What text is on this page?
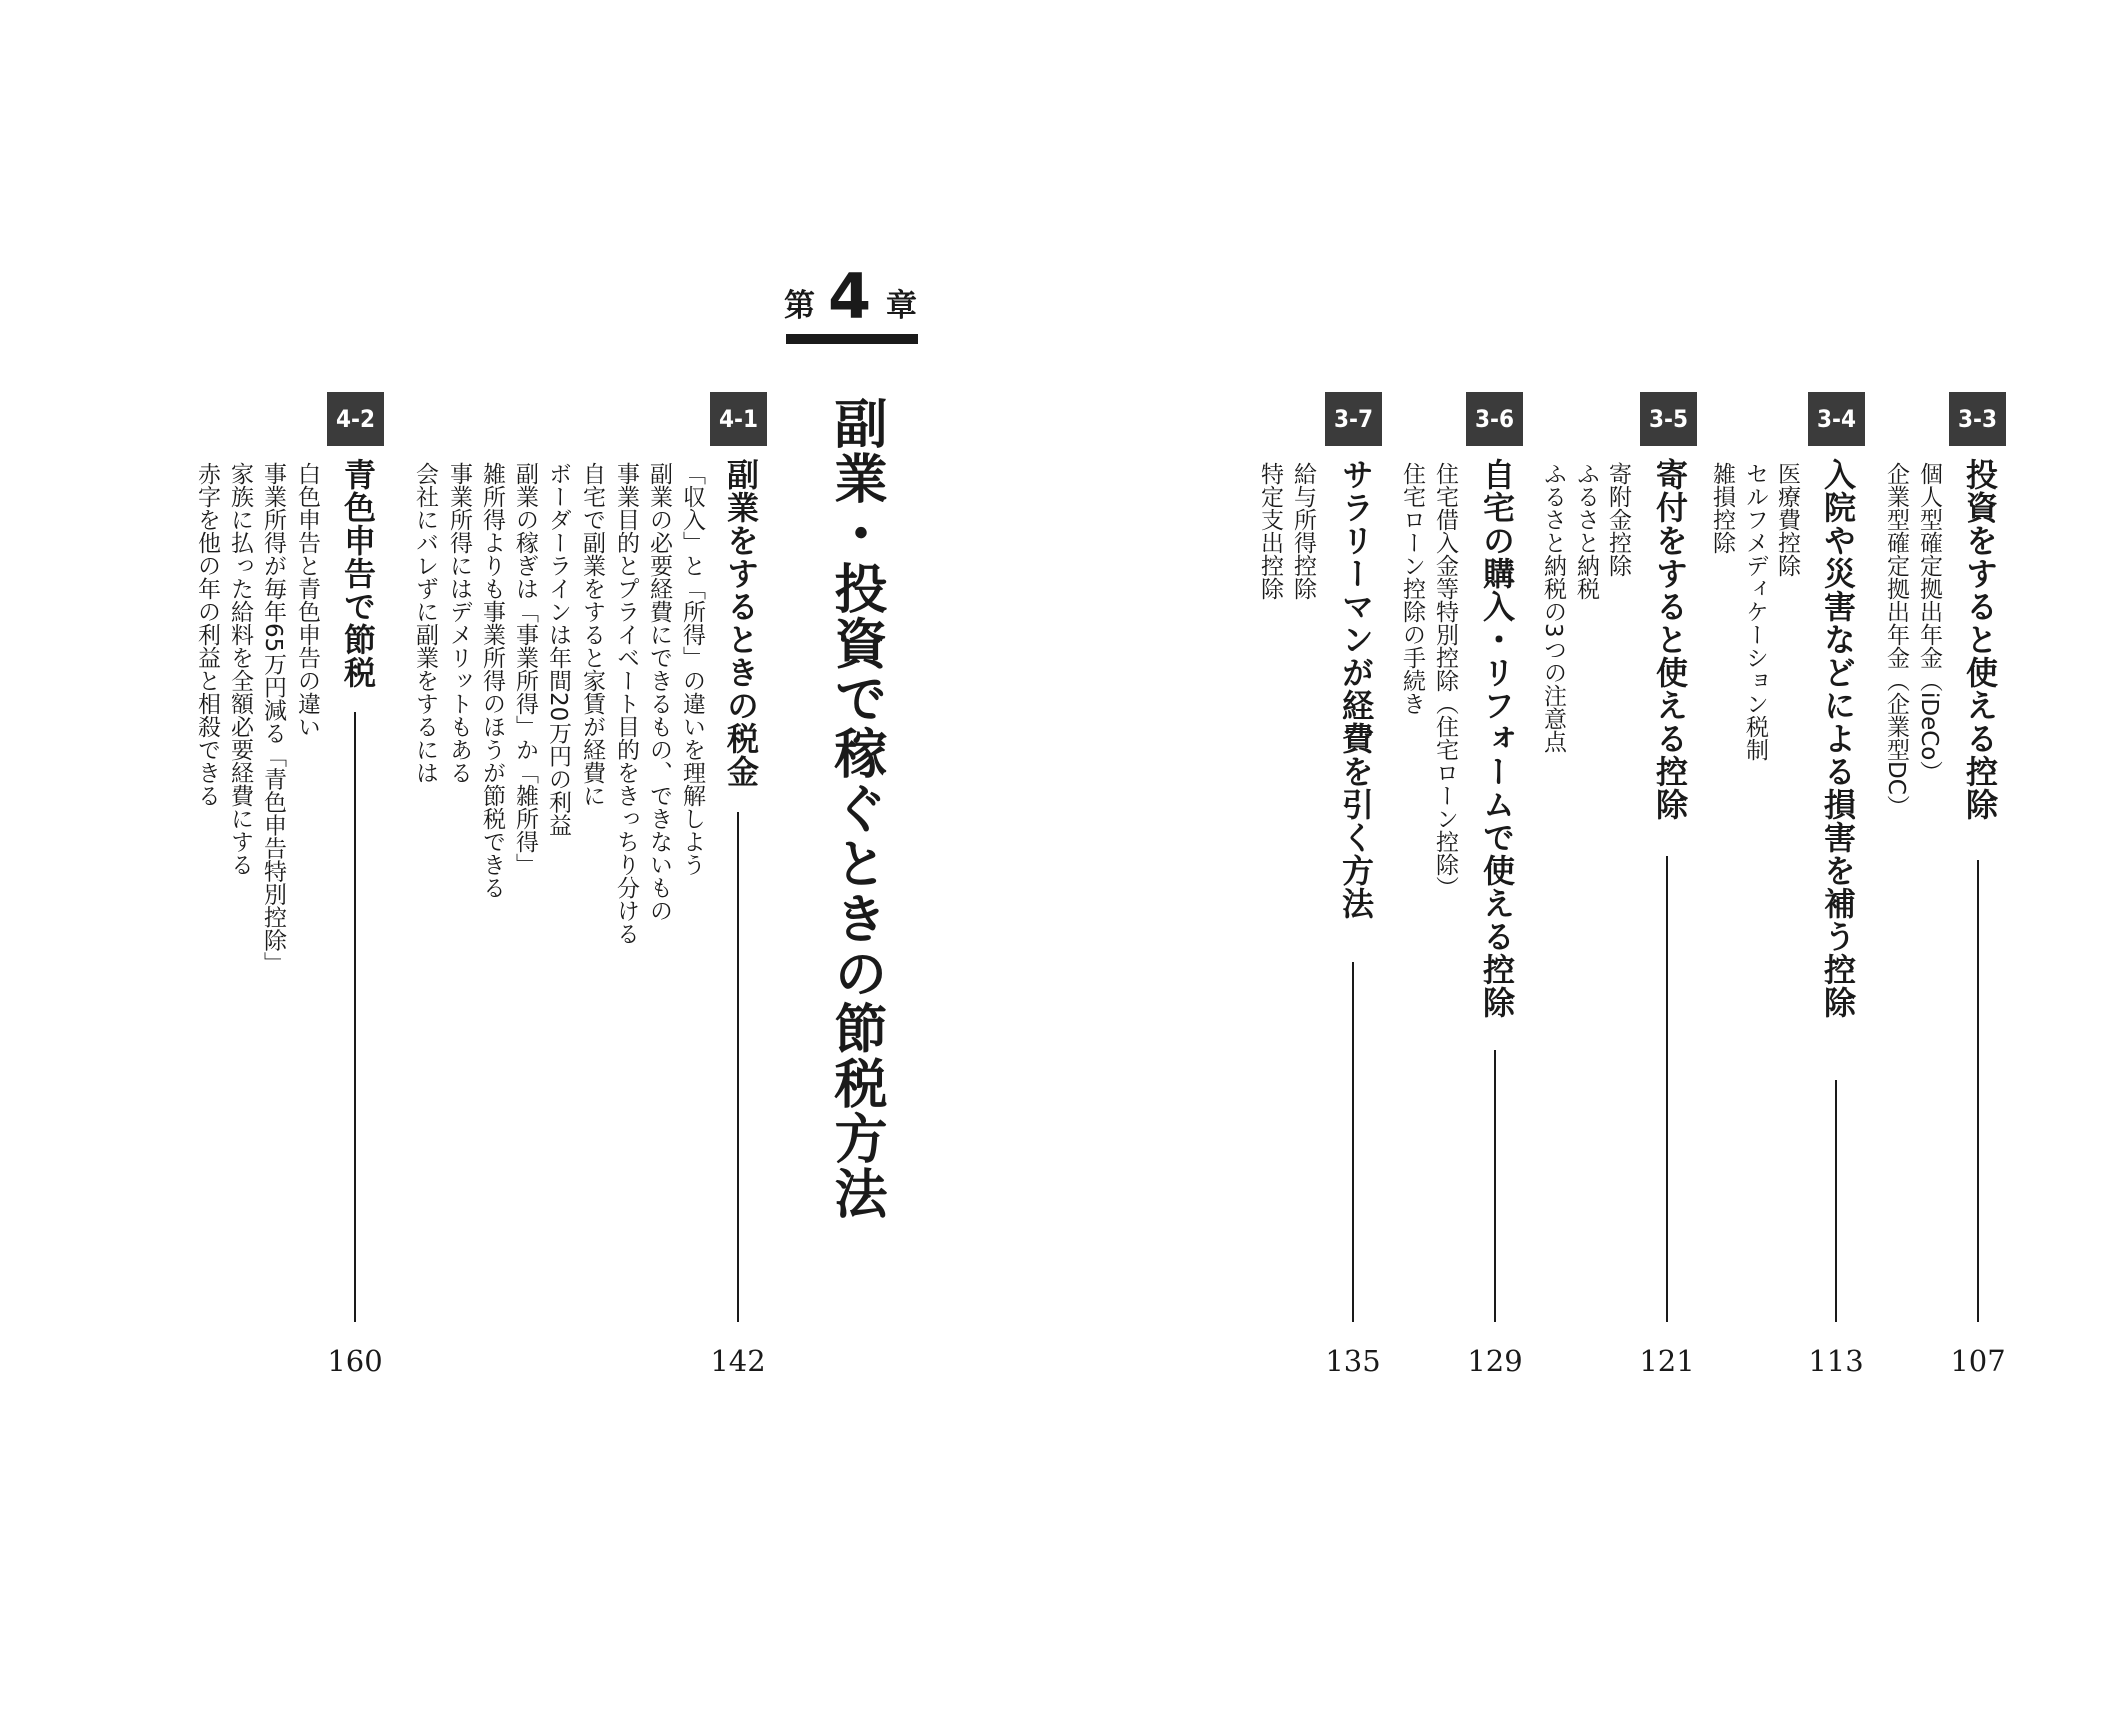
第 4 章
副業・投資で稼ぐときの節税方法	3-3
投資をすると使える控除
個人型確定拠出年金（iDeCo）
企業型確定拠出年金（企業型DC）
107
3-4
入院や災害などによる損害を補う控除
医療費控除
セルフメディケーション税制
雑損控除
113
3-5
寄付をすると使える控除
寄附金控除
ふるさと納税
ふるさと納税の3つの注意点
121
3-6
自宅の購入・リフォームで使える控除
住宅借入金等特別控除（住宅ローン控除）
住宅ローン控除の手続き
129
3-7
サラリーマンが経費を引く方法
給与所得控除
特定支出控除
135
4-1
副業をするときの税金
「収入」と「所得」の違いを理解しよう
副業の必要経費にできるもの、できないもの
事業目的とプライベート目的をきっちり分ける
自宅で副業をすると家賃が経費に
ボーダーラインは年間20万円の利益
副業の稼ぎは「事業所得」か「雑所得」
雑所得よりも事業所得のほうが節税できる
事業所得にはデメリットもある
会社にバレずに副業をするには
142
4-2
青色申告で節税
白色申告と青色申告の違い
事業所得が毎年65万円減る「青色申告特別控除」
家族に払った給料を全額必要経費にする
赤字を他の年の利益と相殺できる
160
